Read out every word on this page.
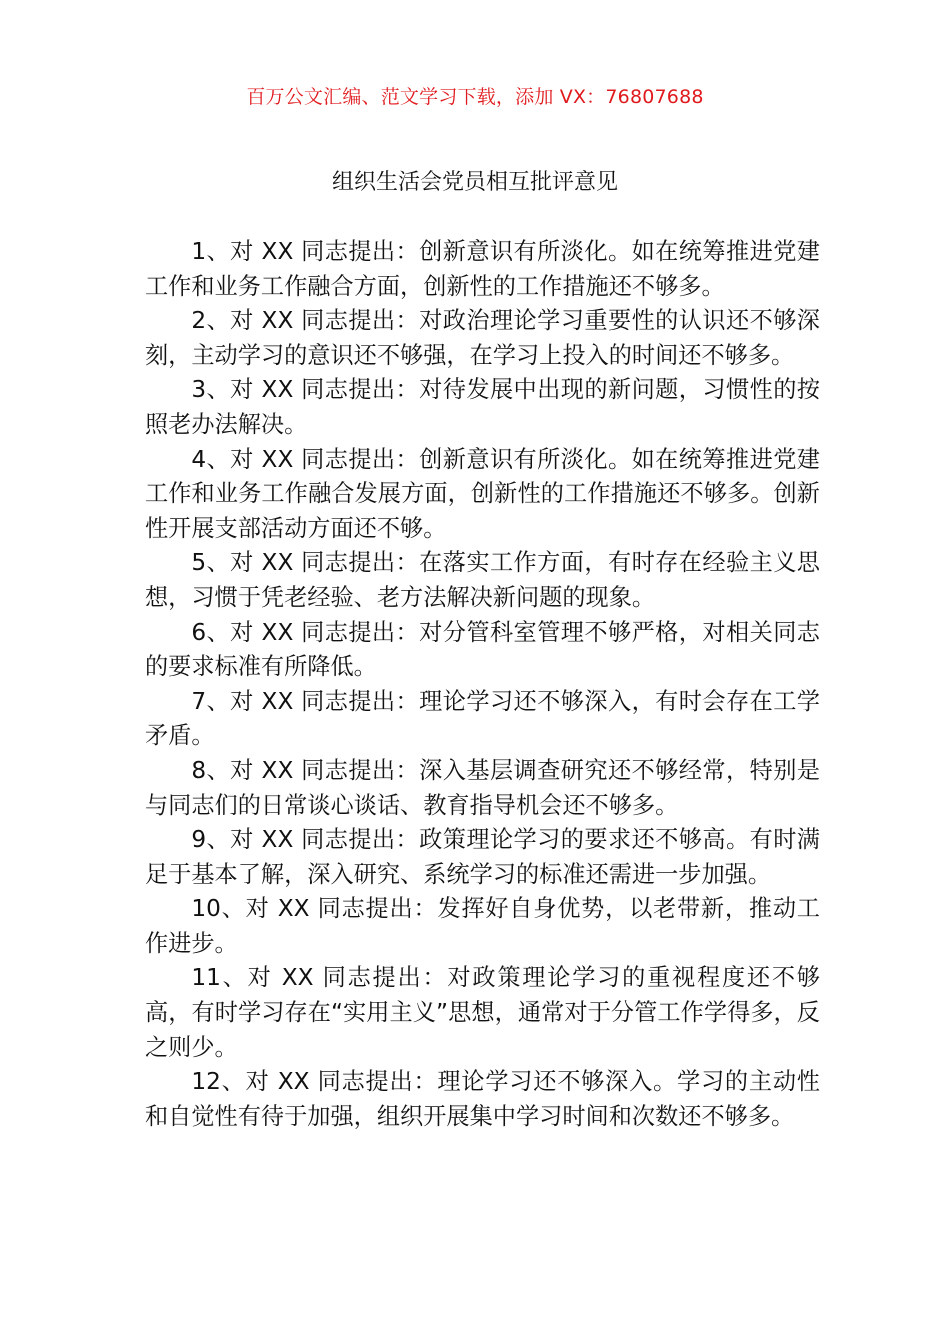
百万公文汇编、范文学习下载，添加 VX：76807688
组织生活会党员相互批评意见

1、对 XX 同志提出：创新意识有所淡化。如在统筹推进党建工作和业务工作融合方面，创新性的工作措施还不够多。

2、对 XX 同志提出：对政治理论学习重要性的认识还不够深刻，主动学习的意识还不够强，在学习上投入的时间还不够多。

3、对 XX 同志提出：对待发展中出现的新问题，习惯性的按照老办法解决。

4、对 XX 同志提出：创新意识有所淡化。如在统筹推进党建工作和业务工作融合发展方面，创新性的工作措施还不够多。创新性开展支部活动方面还不够。

5、对 XX 同志提出：在落实工作方面，有时存在经验主义思想，习惯于凭老经验、老方法解决新问题的现象。

6、对 XX 同志提出：对分管科室管理不够严格，对相关同志的要求标准有所降低。

7、对 XX 同志提出：理论学习还不够深入，有时会存在工学矛盾。

8、对 XX 同志提出：深入基层调查研究还不够经常，特别是与同志们的日常谈心谈话、教育指导机会还不够多。

9、对 XX 同志提出：政策理论学习的要求还不够高。有时满足于基本了解，深入研究、系统学习的标准还需进一步加强。

10、对 XX 同志提出：发挥好自身优势，以老带新，推动工作进步。

11、对 XX 同志提出：对政策理论学习的重视程度还不够高，有时学习存在“实用主义”思想，通常对于分管工作学得多，反之则少。

12、对 XX 同志提出：理论学习还不够深入。学习的主动性和自觉性有待于加强，组织开展集中学习时间和次数还不够多。
